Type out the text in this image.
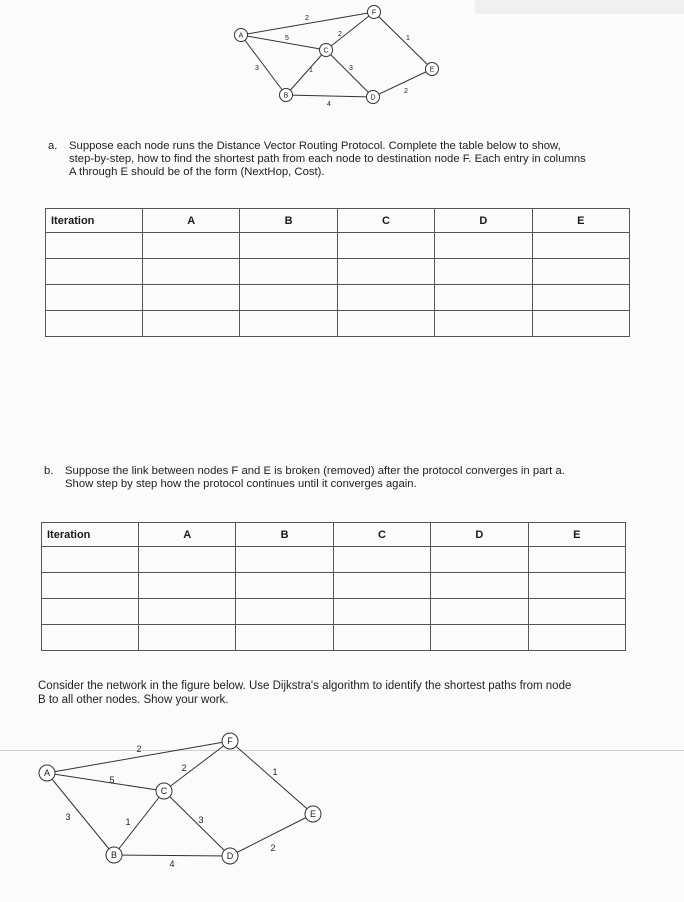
2
5
3	1
4
2
3
1
2
A
B
C
D
E
F
a. Suppose each node runs the Distance Vector Routing Protocol. Complete the table below to show,
step-by-step, how to find the shortest path from each node to destination node F. Each entry in columns
A through E should be of the form (NextHop, Cost).
Iteration	A	B	C	D	E

b. Suppose the link between nodes F and E is broken (removed) after the protocol converges in part a.
Show step by step how the protocol continues until it converges again.
Iteration	A	B	C	D	E

Consider the network in the figure below. Use Dijkstra's algorithm to identify the shortest paths from node
B to all other nodes. Show your work.
2
5
3	1
4
2
3
1
2
A
B
C
D
E
F
